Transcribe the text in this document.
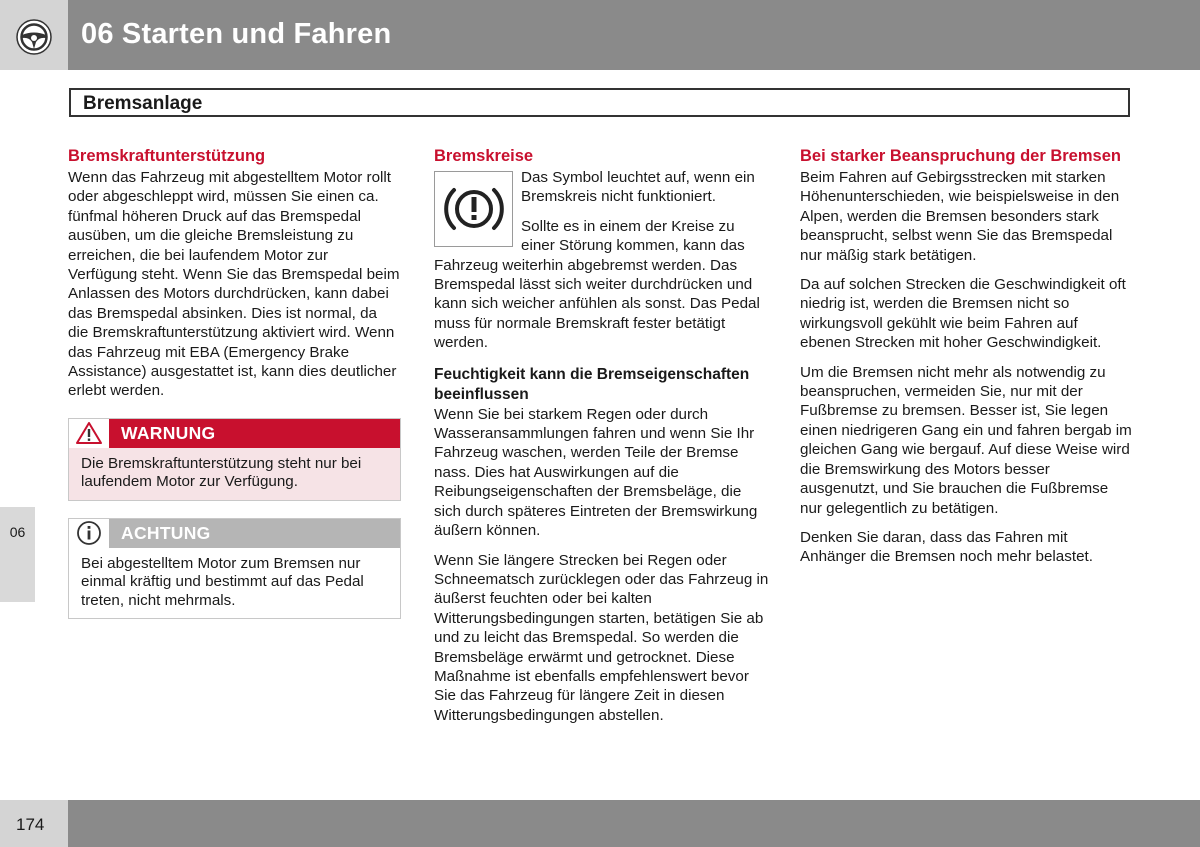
06 Starten und Fahren
Bremsanlage
06
Bremskraftunterstützung

Wenn das Fahrzeug mit abgestelltem Motor rollt oder abgeschleppt wird, müssen Sie einen ca. fünfmal höheren Druck auf das Bremspedal ausüben, um die gleiche Bremsleistung zu erreichen, die bei laufendem Motor zur Verfügung steht. Wenn Sie das Bremspedal beim Anlassen des Motors durchdrücken, kann dabei das Bremspedal absinken. Dies ist normal, da die Bremskraftunterstützung aktiviert wird. Wenn das Fahrzeug mit EBA (Emergency Brake Assistance) ausgestattet ist, kann dies deutlicher erlebt werden.

WARNUNG
Die Bremskraftunterstützung steht nur bei laufendem Motor zur Verfügung.
ACHTUNG
Bei abgestelltem Motor zum Bremsen nur einmal kräftig und bestimmt auf das Pedal treten, nicht mehrmals.
Bremskreise

Das Symbol leuchtet auf, wenn ein Bremskreis nicht funktioniert.

Sollte es in einem der Kreise zu einer Störung kommen, kann das Fahrzeug weiterhin abgebremst werden. Das Bremspedal lässt sich weiter durchdrücken und kann sich weicher anfühlen als sonst. Das Pedal muss für normale Bremskraft fester betätigt werden.

Feuchtigkeit kann die Bremseigenschaften beeinflussen

Wenn Sie bei starkem Regen oder durch Wasseransammlungen fahren und wenn Sie Ihr Fahrzeug waschen, werden Teile der Bremse nass. Dies hat Auswirkungen auf die Reibungseigenschaften der Bremsbeläge, die sich durch späteres Eintreten der Bremswirkung äußern können.

Wenn Sie längere Strecken bei Regen oder Schneematsch zurücklegen oder das Fahrzeug in äußerst feuchten oder bei kalten Witterungsbedingungen starten, betätigen Sie ab und zu leicht das Bremspedal. So werden die Bremsbeläge erwärmt und getrocknet. Diese Maßnahme ist ebenfalls empfehlenswert bevor Sie das Fahrzeug für längere Zeit in diesen Witterungsbedingungen abstellen.

Bei starker Beanspruchung der Bremsen

Beim Fahren auf Gebirgsstrecken mit starken Höhenunterschieden, wie beispielsweise in den Alpen, werden die Bremsen besonders stark beansprucht, selbst wenn Sie das Bremspedal nur mäßig stark betätigen.

Da auf solchen Strecken die Geschwindigkeit oft niedrig ist, werden die Bremsen nicht so wirkungsvoll gekühlt wie beim Fahren auf ebenen Strecken mit hoher Geschwindigkeit.

Um die Bremsen nicht mehr als notwendig zu beanspruchen, vermeiden Sie, nur mit der Fußbremse zu bremsen. Besser ist, Sie legen einen niedrigeren Gang ein und fahren bergab im gleichen Gang wie bergauf. Auf diese Weise wird die Bremswirkung des Motors besser ausgenutzt, und Sie brauchen die Fußbremse nur gelegentlich zu betätigen.

Denken Sie daran, dass das Fahren mit Anhänger die Bremsen noch mehr belastet.

174
